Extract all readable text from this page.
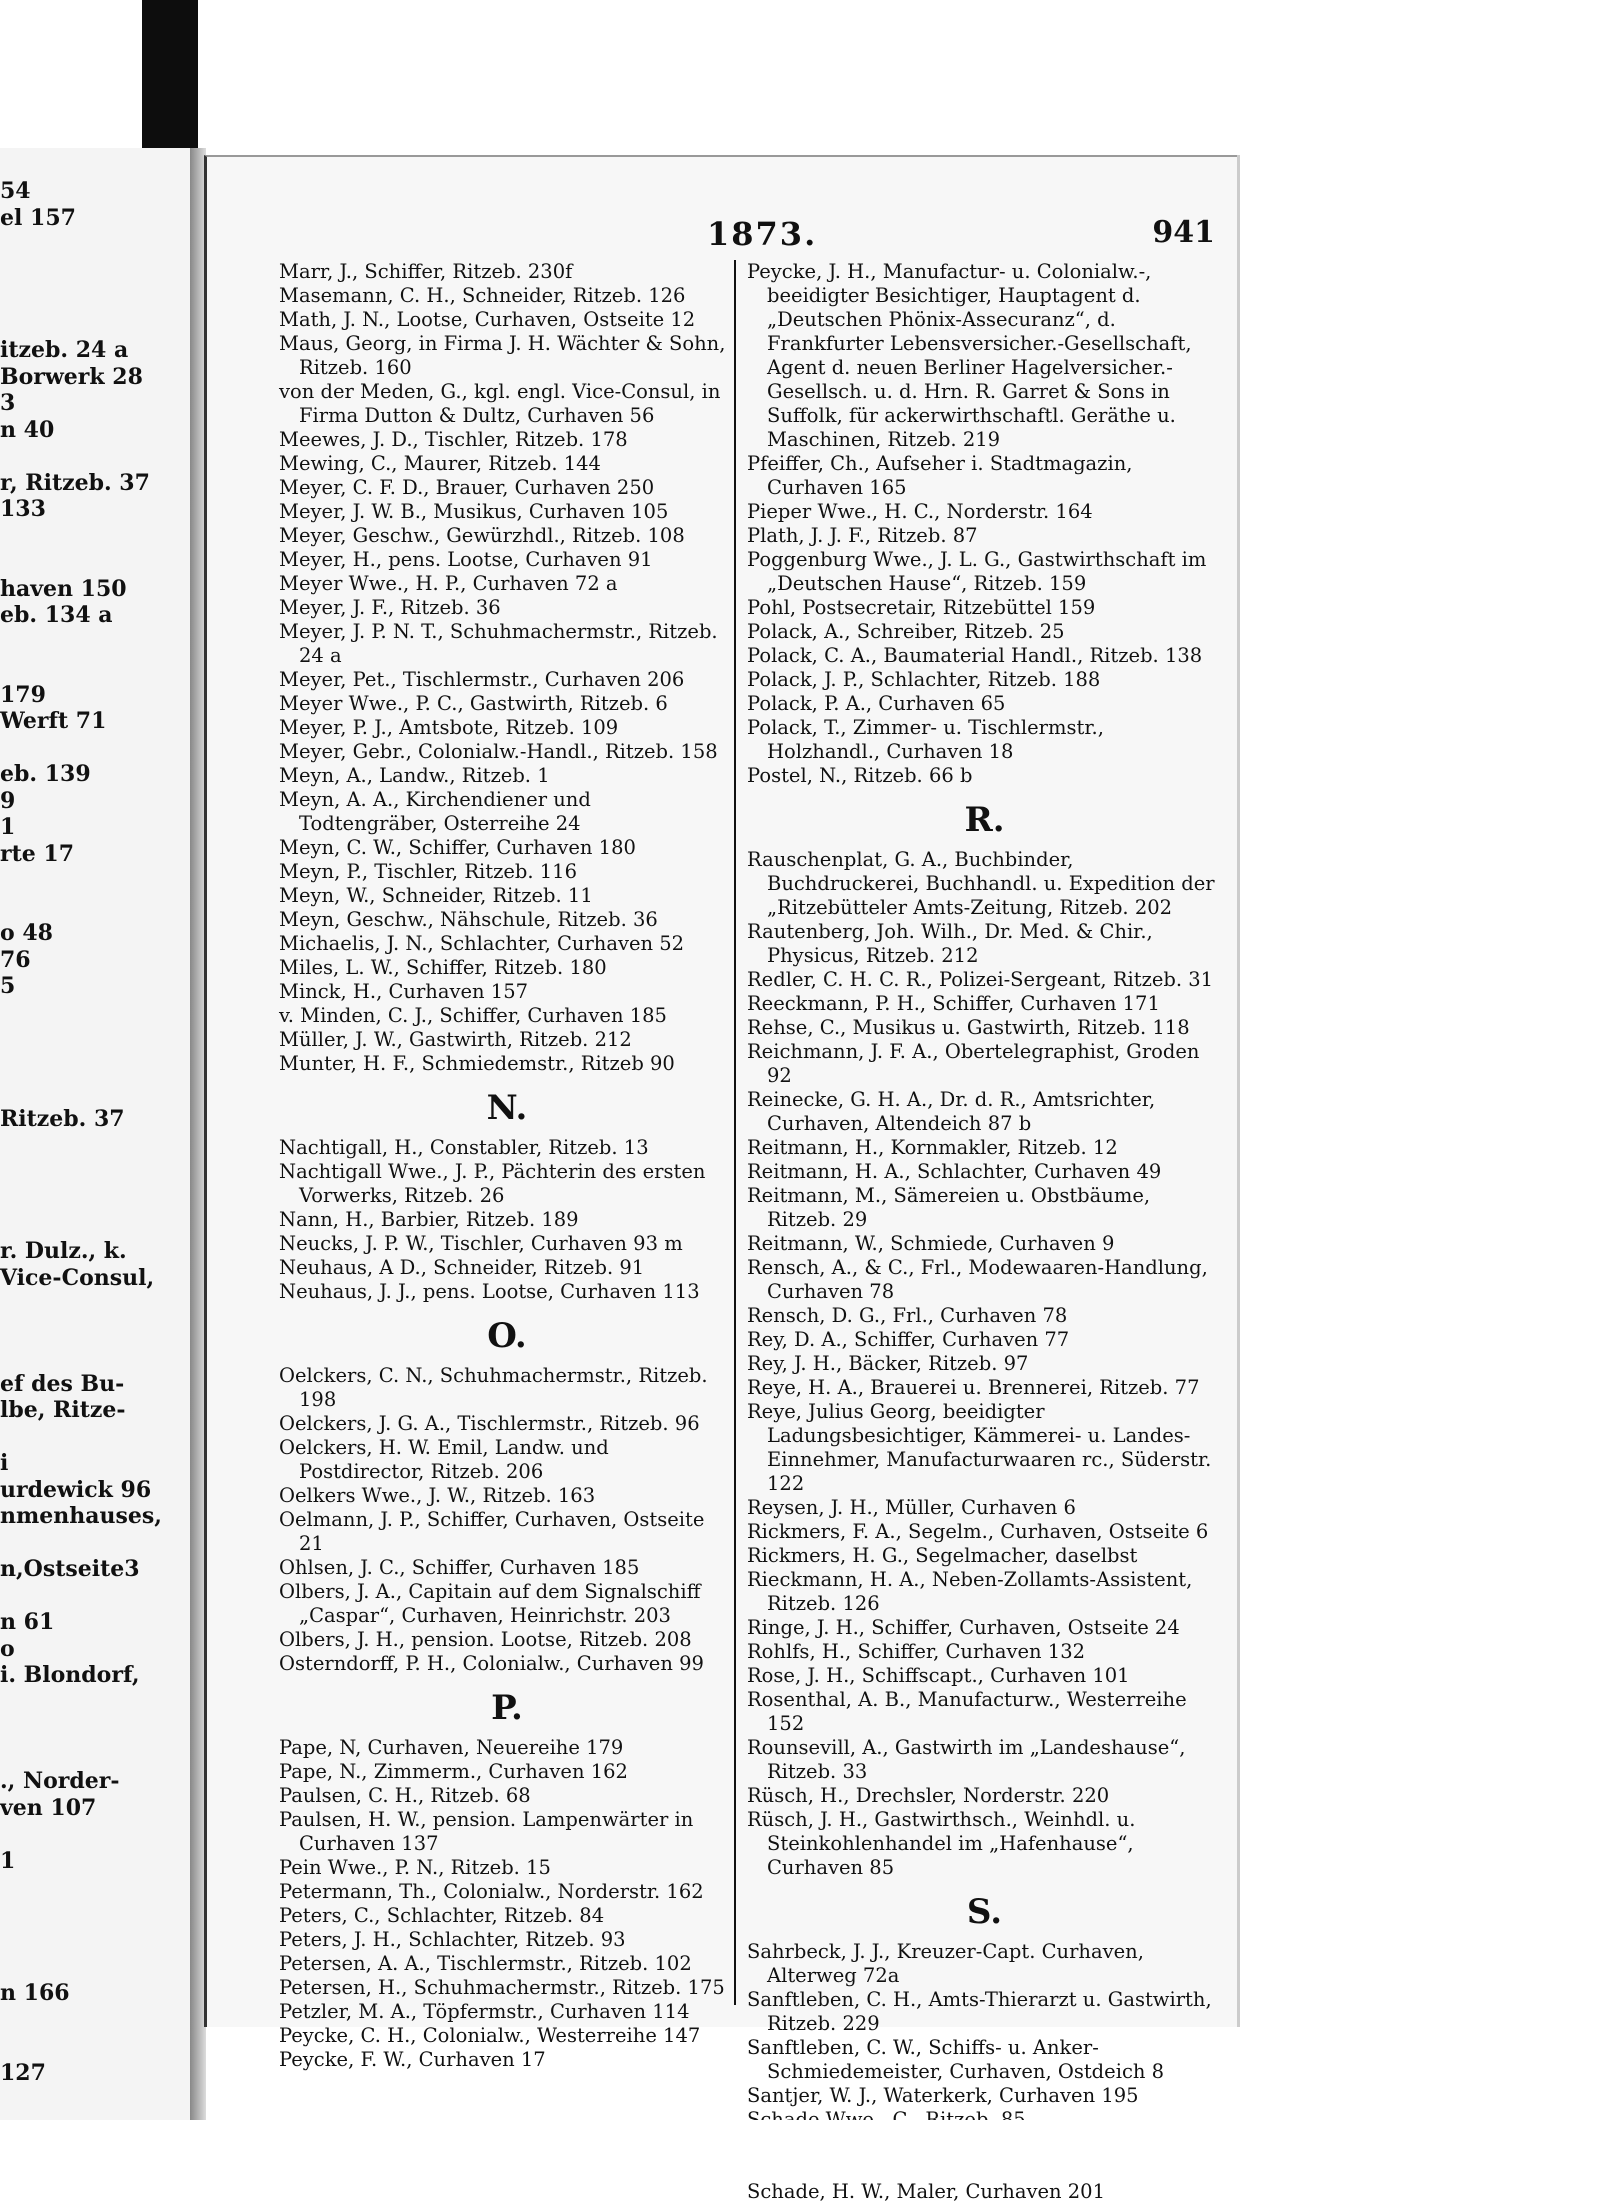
54
el 157
itzeb. 24 a
Borwerk 28
3
n 40
r, Ritzeb. 37
133
haven 150
eb. 134 a
179
Werft 71
eb. 139
9
1
rte 17
o 48
76
5
Ritzeb. 37
r. Dulz., k.
Vice-Consul,
ef des Bu-
lbe, Ritze-
i
urdewick 96
nmenhauses,
n,Ostseite3
n 61
o
i. Blondorf,
., Norder-
ven 107
1
n 166
127
1873.	941

Marr, J., Schiffer, Ritzeb. 230f

Masemann, C. H., Schneider, Ritzeb. 126

Math, J. N., Lootse, Curhaven, Ostseite 12

Maus, Georg, in Firma J. H. Wächter & Sohn, Ritzeb. 160

von der Meden, G., kgl. engl. Vice-Consul, in Firma Dutton & Dultz, Curhaven 56

Meewes, J. D., Tischler, Ritzeb. 178

Mewing, C., Maurer, Ritzeb. 144

Meyer, C. F. D., Brauer, Curhaven 250

Meyer, J. W. B., Musikus, Curhaven 105

Meyer, Geschw., Gewürzhdl., Ritzeb. 108

Meyer, H., pens. Lootse, Curhaven 91

Meyer Wwe., H. P., Curhaven 72 a

Meyer, J. F., Ritzeb. 36

Meyer, J. P. N. T., Schuhmachermstr., Ritzeb. 24 a

Meyer, Pet., Tischlermstr., Curhaven 206

Meyer Wwe., P. C., Gastwirth, Ritzeb. 6

Meyer, P. J., Amtsbote, Ritzeb. 109

Meyer, Gebr., Colonialw.-Handl., Ritzeb. 158

Meyn, A., Landw., Ritzeb. 1

Meyn, A. A., Kirchendiener und Todtengräber, Osterreihe 24

Meyn, C. W., Schiffer, Curhaven 180

Meyn, P., Tischler, Ritzeb. 116

Meyn, W., Schneider, Ritzeb. 11

Meyn, Geschw., Nähschule, Ritzeb. 36

Michaelis, J. N., Schlachter, Curhaven 52

Miles, L. W., Schiffer, Ritzeb. 180

Minck, H., Curhaven 157

v. Minden, C. J., Schiffer, Curhaven 185

Müller, J. W., Gastwirth, Ritzeb. 212

Munter, H. F., Schmiedemstr., Ritzeb 90

N.

Nachtigall, H., Constabler, Ritzeb. 13

Nachtigall Wwe., J. P., Pächterin des ersten Vorwerks, Ritzeb. 26

Nann, H., Barbier, Ritzeb. 189

Neucks, J. P. W., Tischler, Curhaven 93 m

Neuhaus, A D., Schneider, Ritzeb. 91

Neuhaus, J. J., pens. Lootse, Curhaven 113

O.

Oelckers, C. N., Schuhmachermstr., Ritzeb. 198

Oelckers, J. G. A., Tischlermstr., Ritzeb. 96

Oelckers, H. W. Emil, Landw. und Postdirector, Ritzeb. 206

Oelkers Wwe., J. W., Ritzeb. 163

Oelmann, J. P., Schiffer, Curhaven, Ostseite 21

Ohlsen, J. C., Schiffer, Curhaven 185

Olbers, J. A., Capitain auf dem Signalschiff „Caspar“, Curhaven, Heinrichstr. 203

Olbers, J. H., pension. Lootse, Ritzeb. 208

Osterndorff, P. H., Colonialw., Curhaven 99

P.

Pape, N, Curhaven, Neuereihe 179

Pape, N., Zimmerm., Curhaven 162

Paulsen, C. H., Ritzeb. 68

Paulsen, H. W., pension. Lampenwärter in Curhaven 137

Pein Wwe., P. N., Ritzeb. 15

Petermann, Th., Colonialw., Norderstr. 162

Peters, C., Schlachter, Ritzeb. 84

Peters, J. H., Schlachter, Ritzeb. 93

Petersen, A. A., Tischlermstr., Ritzeb. 102

Petersen, H., Schuhmachermstr., Ritzeb. 175

Petzler, M. A., Töpfermstr., Curhaven 114

Peycke, C. H., Colonialw., Westerreihe 147

Peycke, F. W., Curhaven 17

Peycke, J. H., Manufactur- u. Colonialw.-, beeidigter Besichtiger, Hauptagent d. „Deutschen Phönix-Assecuranz“, d. Frankfurter Lebensversicher.-Gesellschaft, Agent d. neuen Berliner Hagelversicher.-Gesellsch. u. d. Hrn. R. Garret & Sons in Suffolk, für ackerwirthschaftl. Geräthe u. Maschinen, Ritzeb. 219

Pfeiffer, Ch., Aufseher i. Stadtmagazin, Curhaven 165

Pieper Wwe., H. C., Norderstr. 164

Plath, J. J. F., Ritzeb. 87

Poggenburg Wwe., J. L. G., Gastwirthschaft im „Deutschen Hause“, Ritzeb. 159

Pohl, Postsecretair, Ritzebüttel 159

Polack, A., Schreiber, Ritzeb. 25

Polack, C. A., Baumaterial Handl., Ritzeb. 138

Polack, J. P., Schlachter, Ritzeb. 188

Polack, P. A., Curhaven 65

Polack, T., Zimmer- u. Tischlermstr., Holzhandl., Curhaven 18

Postel, N., Ritzeb. 66 b

R.

Rauschenplat, G. A., Buchbinder, Buchdruckerei, Buchhandl. u. Expedition der „Ritzebütteler Amts-Zeitung, Ritzeb. 202

Rautenberg, Joh. Wilh., Dr. Med. & Chir., Physicus, Ritzeb. 212

Redler, C. H. C. R., Polizei-Sergeant, Ritzeb. 31

Reeckmann, P. H., Schiffer, Curhaven 171

Rehse, C., Musikus u. Gastwirth, Ritzeb. 118

Reichmann, J. F. A., Obertelegraphist, Groden 92

Reinecke, G. H. A., Dr. d. R., Amtsrichter, Curhaven, Altendeich 87 b

Reitmann, H., Kornmakler, Ritzeb. 12

Reitmann, H. A., Schlachter, Curhaven 49

Reitmann, M., Sämereien u. Obstbäume, Ritzeb. 29

Reitmann, W., Schmiede, Curhaven 9

Rensch, A., & C., Frl., Modewaaren-Handlung, Curhaven 78

Rensch, D. G., Frl., Curhaven 78

Rey, D. A., Schiffer, Curhaven 77

Rey, J. H., Bäcker, Ritzeb. 97

Reye, H. A., Brauerei u. Brennerei, Ritzeb. 77

Reye, Julius Georg, beeidigter Ladungsbesichtiger, Kämmerei- u. Landes-Einnehmer, Manufacturwaaren rc., Süderstr. 122

Reysen, J. H., Müller, Curhaven 6

Rickmers, F. A., Segelm., Curhaven, Ostseite 6

Rickmers, H. G., Segelmacher, daselbst

Rieckmann, H. A., Neben-Zollamts-Assistent, Ritzeb. 126

Ringe, J. H., Schiffer, Curhaven, Ostseite 24

Rohlfs, H., Schiffer, Curhaven 132

Rose, J. H., Schiffscapt., Curhaven 101

Rosenthal, A. B., Manufacturw., Westerreihe 152

Rounsevill, A., Gastwirth im „Landeshause“, Ritzeb. 33

Rüsch, H., Drechsler, Norderstr. 220

Rüsch, J. H., Gastwirthsch., Weinhdl. u. Steinkohlenhandel im „Hafenhause“, Curhaven 85

S.

Sahrbeck, J. J., Kreuzer-Capt. Curhaven, Alterweg 72a

Sanftleben, C. H., Amts-Thierarzt u. Gastwirth, Ritzeb. 229

Sanftleben, C. W., Schiffs- u. Anker-Schmiedemeister, Curhaven, Ostdeich 8

Santjer, W. J., Waterkerk, Curhaven 195

Schade, H. W., Maler, Curhaven 201
